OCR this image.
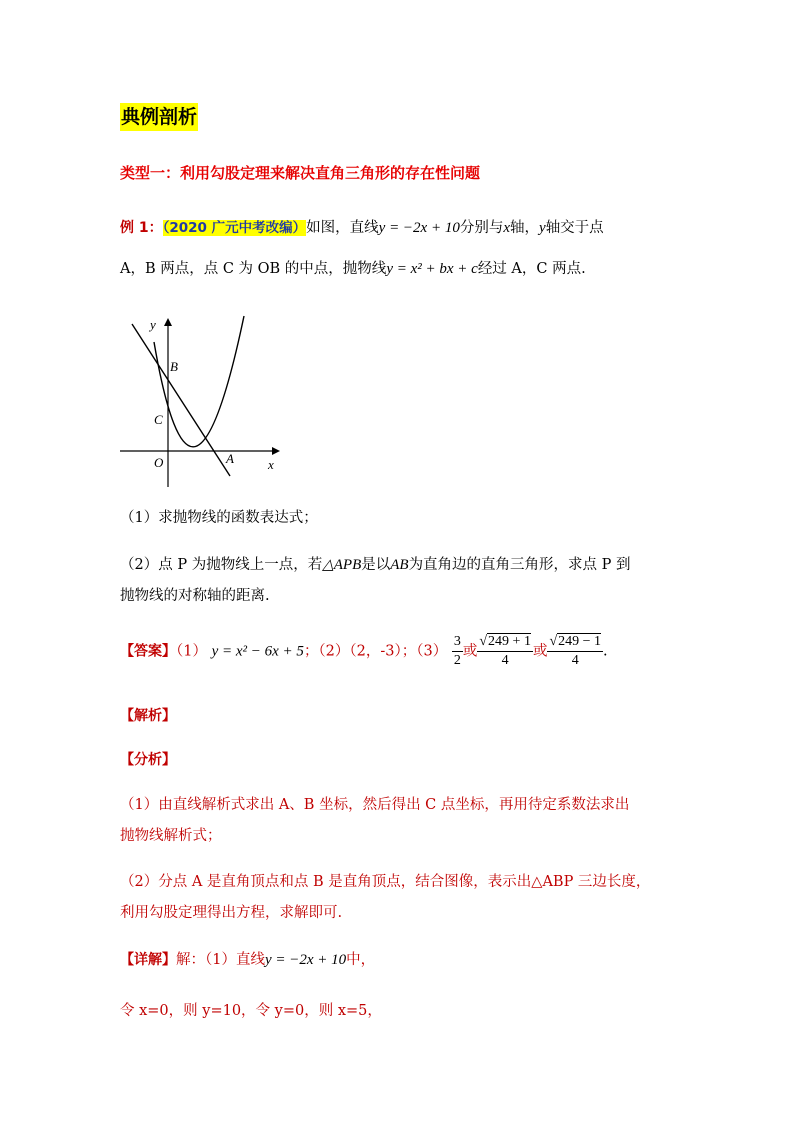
典例剖析
类型一：利用勾股定理来解决直角三角形的存在性问题
例 1：（2020 广元中考改编）如图，直线y = −2x + 10分别与x轴，y轴交于点
A，B 两点，点 C 为 OB 的中点，抛物线y = x² + bx + c经过 A，C 两点.
y
x
O	A
B
C
（1）求抛物线的函数表达式；
（2）点 P 为抛物线上一点，若△APB是以AB为直角边的直角三角形，求点 P 到
抛物线的对称轴的距离.
【答案】（1） y = x² − 6x + 5；（2）（2，-3）；$(3) \frac{3}{2}$ 或 $\frac{√249 + 1}{4}$ 或 $\frac{√249 - 1}{4}$ .
【解析】
【分析】
（1）由直线解析式求出 A、B 坐标，然后得出 C 点坐标，再用待定系数法求出
抛物线解析式；
（2）分点 A 是直角顶点和点 B 是直角顶点，结合图像，表示出△ABP 三边长度，
利用勾股定理得出方程，求解即可.
【详解】解：（1）直线y = −2x + 10中，
令 x=0，则 y=10，令 y=0，则 x=5，
